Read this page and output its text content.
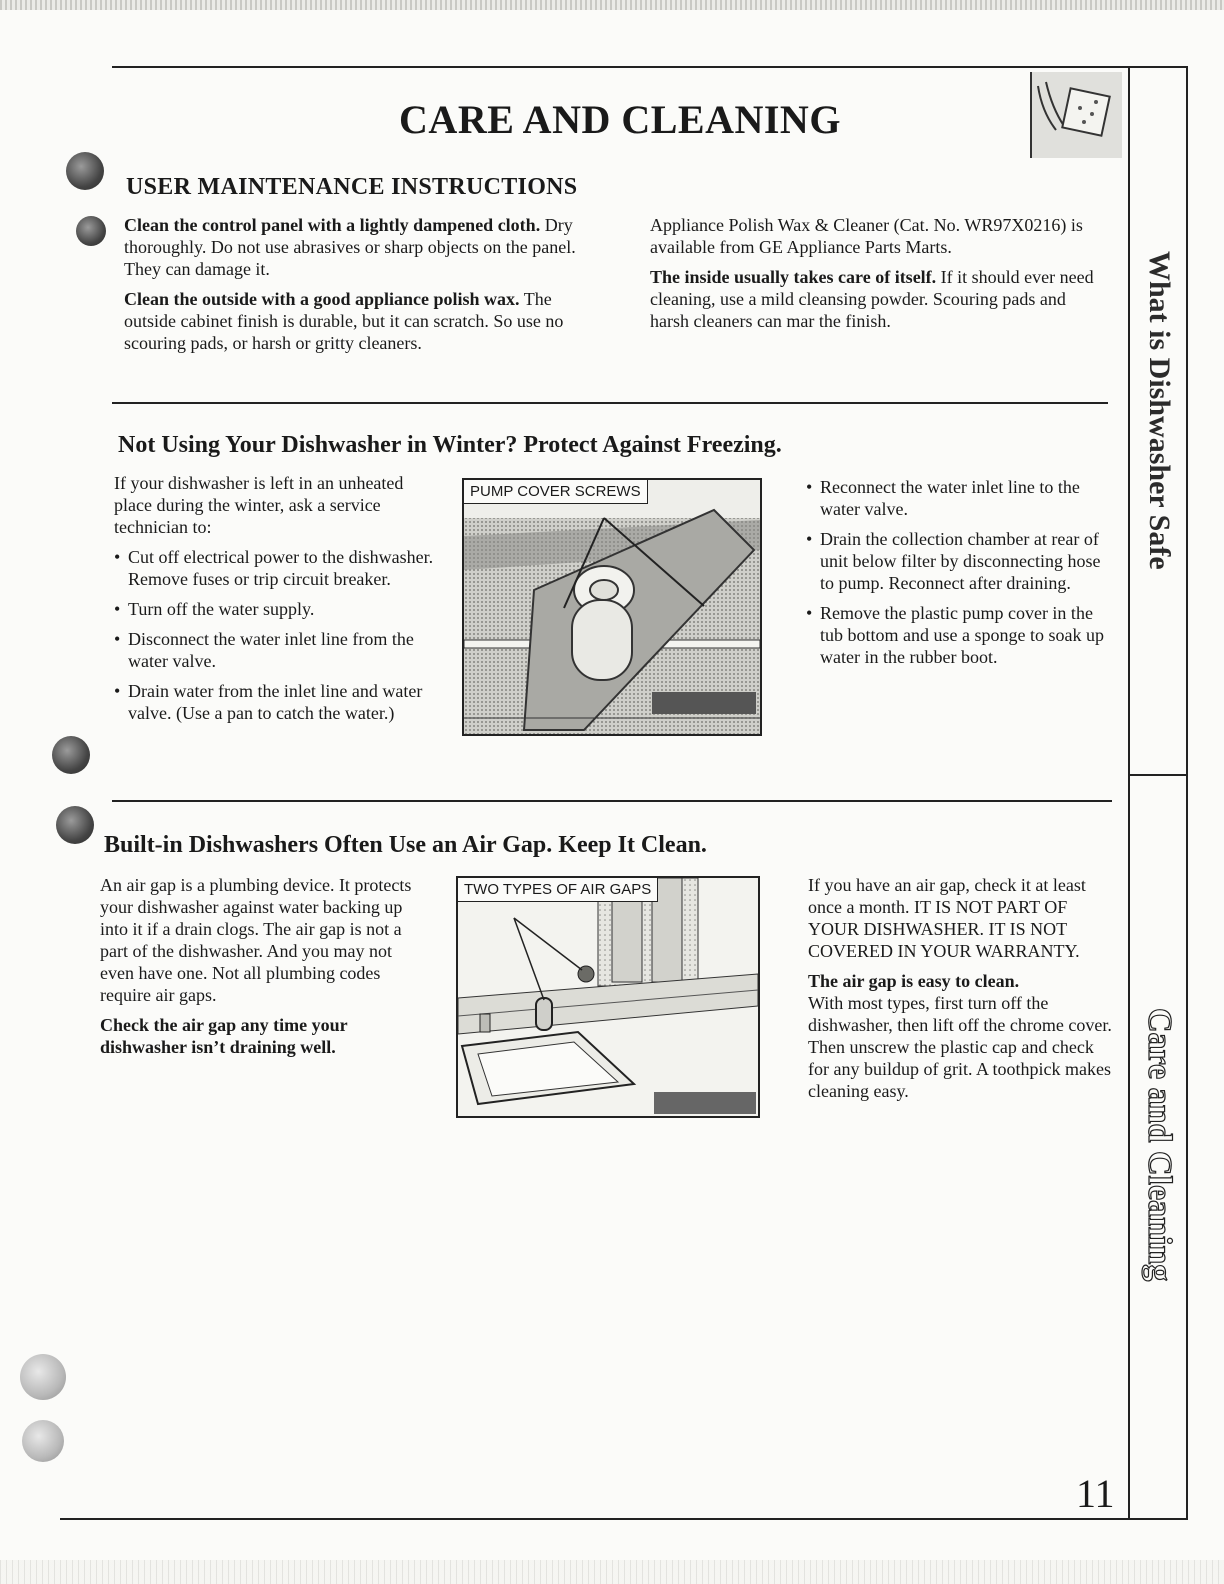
CARE AND CLEANING
USER MAINTENANCE INSTRUCTIONS

Clean the control panel with a lightly dampened cloth. Dry thoroughly. Do not use abrasives or sharp objects on the panel. They can damage it.

Clean the outside with a good appliance polish wax. The outside cabinet finish is durable, but it can scratch. So use no scouring pads, or harsh or gritty cleaners.

Appliance Polish Wax & Cleaner (Cat. No. WR97X0216) is available from GE Appliance Parts Marts.

The inside usually takes care of itself. If it should ever need cleaning, use a mild cleansing powder. Scouring pads and harsh cleaners can mar the finish.

Not Using Your Dishwasher in Winter? Protect Against Freezing.

If your dishwasher is left in an unheated place during the winter, ask a service technician to:

• Cut off electrical power to the dishwasher. Remove fuses or trip circuit breaker.
• Turn off the water supply.
• Disconnect the water inlet line from the water valve.
• Drain water from the inlet line and water valve. (Use a pan to catch the water.)
PUMP COVER SCREWS
•	Reconnect the water inlet line to the water valve.
• Drain the collection chamber at rear of unit below filter by disconnecting hose to pump. Reconnect after draining.
• Remove the plastic pump cover in the tub bottom and use a sponge to soak up water in the rubber boot.
Built-in Dishwashers Often Use an Air Gap. Keep It Clean.

An air gap is a plumbing device. It protects your dishwasher against water backing up into it if a drain clogs. The air gap is not a part of the dishwasher. And you may not even have one. Not all plumbing codes require air gaps.

Check the air gap any time your dishwasher isn’t draining well.

TWO TYPES OF AIR GAPS	If you have an air gap, check it at least once a month. IT IS NOT PART OF YOUR DISHWASHER. IT IS NOT COVERED IN YOUR WARRANTY.

The air gap is easy to clean.
With most types, first turn off the dishwasher, then lift off the chrome cover. Then unscrew the plastic cap and check for any buildup of grit. A toothpick makes cleaning easy.

What is Dishwasher Safe
Care and Cleaning

11
